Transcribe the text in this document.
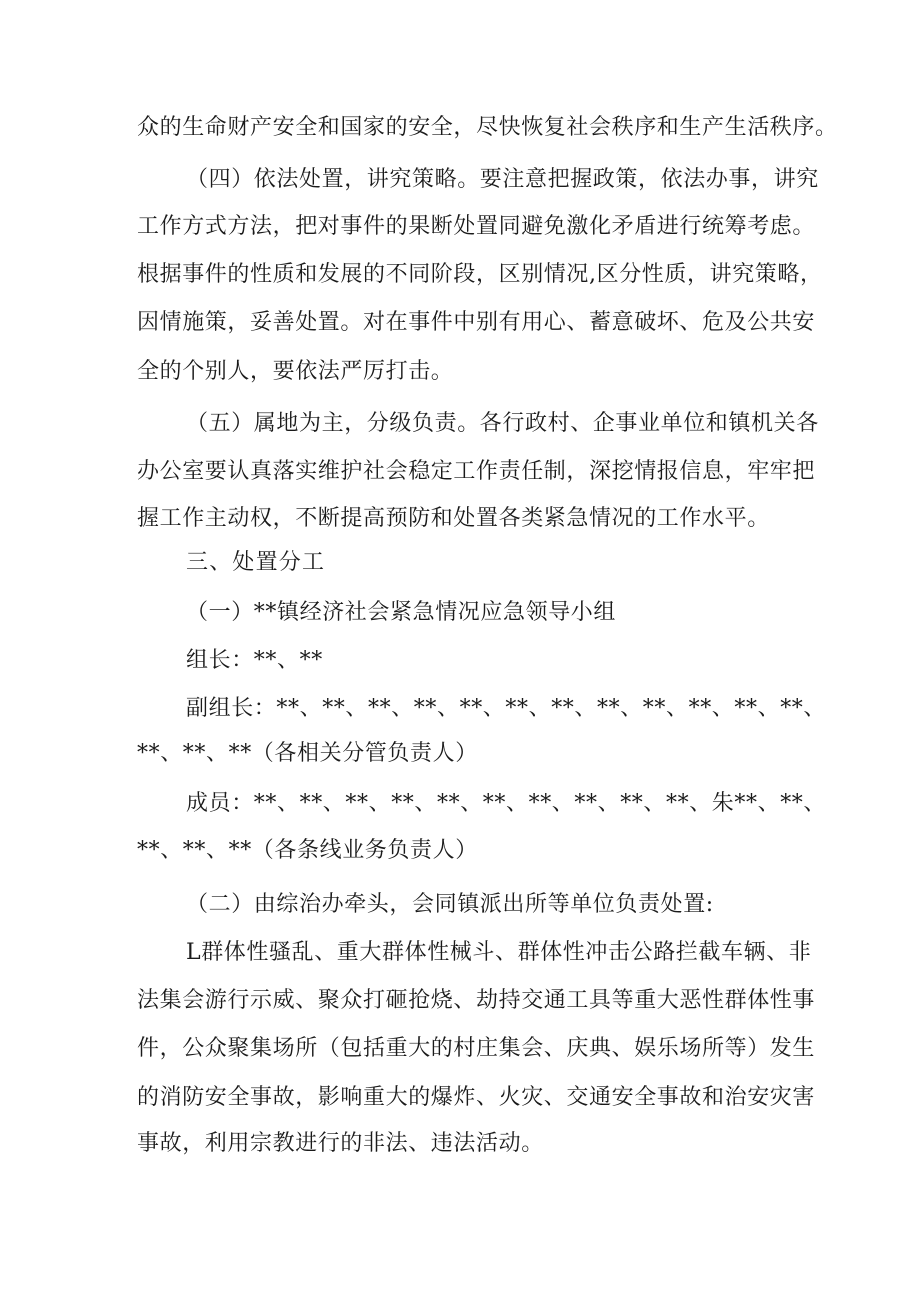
众的生命财产安全和国家的安全，尽快恢复社会秩序和生产生活秩序。
（四）依法处置，讲究策略。要注意把握政策，依法办事，讲究
工作方式方法，把对事件的果断处置同避免激化矛盾进行统筹考虑。
根据事件的性质和发展的不同阶段，区别情况,区分性质，讲究策略，
因情施策，妥善处置。对在事件中别有用心、蓄意破坏、危及公共安
全的个别人，要依法严厉打击。
（五）属地为主，分级负责。各行政村、企事业单位和镇机关各
办公室要认真落实维护社会稳定工作责任制，深挖情报信息，牢牢把
握工作主动权，不断提高预防和处置各类紧急情况的工作水平。
三、处置分工
（一）**镇经济社会紧急情况应急领导小组
组长：**、**
副组长：**、**、**、**、**、**、**、**、**、**、**、**、
**、**、**（各相关分管负责人）
成员：**、**、**、**、**、**、**、**、**、**、朱**、**、
**、**、**（各条线业务负责人）
（二）由综治办牵头，会同镇派出所等单位负责处置:
L群体性骚乱、重大群体性械斗、群体性冲击公路拦截车辆、非
法集会游行示威、聚众打砸抢烧、劫持交通工具等重大恶性群体性事
件，公众聚集场所（包括重大的村庄集会、庆典、娱乐场所等）发生
的消防安全事故，影响重大的爆炸、火灾、交通安全事故和治安灾害
事故，利用宗教进行的非法、违法活动。
